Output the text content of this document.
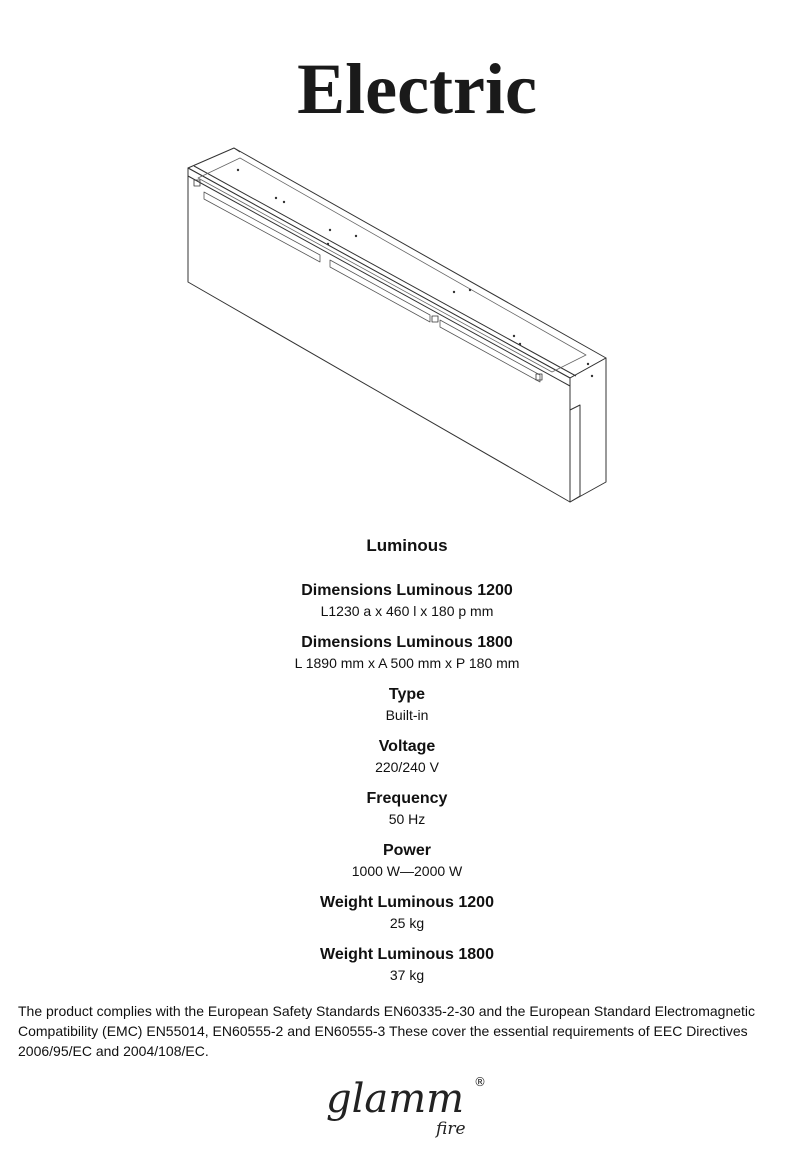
Electric
Luminous
Dimensions Luminous 1200
L1230 a x 460 l x 180 p mm
Dimensions Luminous 1800
L 1890 mm x A 500 mm x P 180 mm
Type
Built-in
Voltage
220/240 V
Frequency
50 Hz
Power
1000 W—2000 W
Weight Luminous 1200
25 kg
Weight Luminous 1800
37 kg

The product complies with the European Safety Standards EN60335-2-30 and the European Standard Electromagnetic Compatibility (EMC) EN55014, EN60555-2 and EN60555-3 These cover the essential requirements of EEC Directives 2006/95/EC and 2004/108/EC.

glamm ®
fire
